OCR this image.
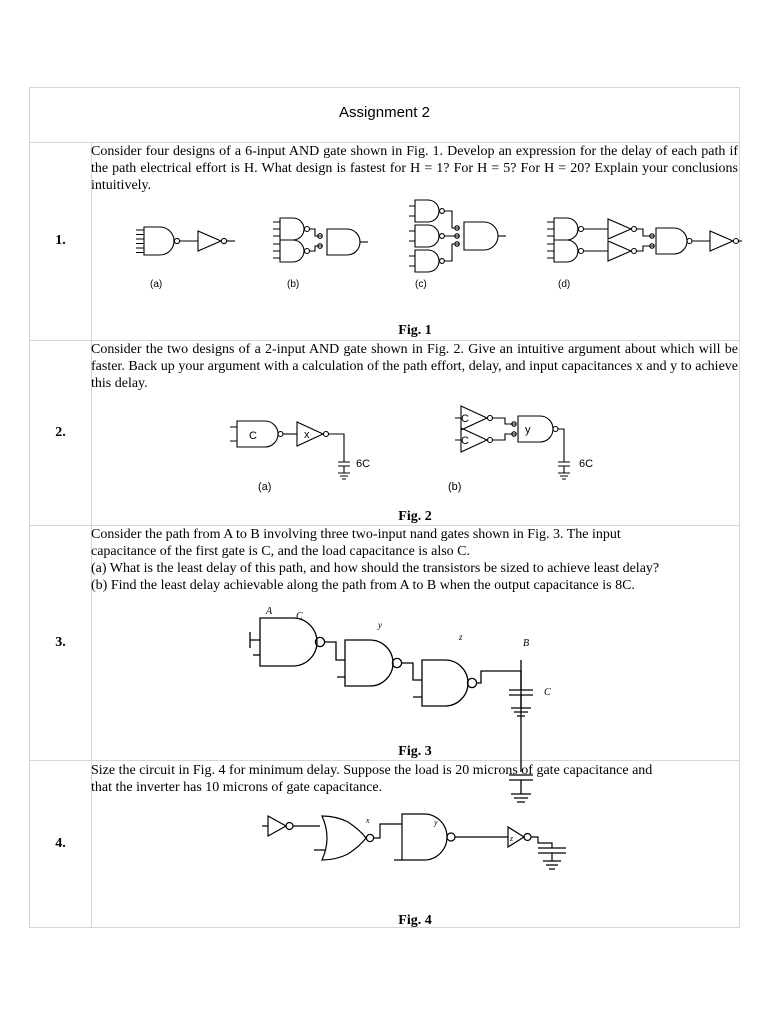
Assignment 2
1.
Consider four designs of a 6-input AND gate shown in Fig. 1. Develop an expression for the delay of each path if the path electrical effort is H. What design is fastest for H = 1? For H = 5? For H = 20? Explain your conclusions intuitively.
(a)	(b)	(c)	(d)
Fig. 1
2.
Consider the two designs of a 2-input AND gate shown in Fig. 2. Give an intuitive argument about which will be faster. Back up your argument with a calculation of the path effort, delay, and input capacitances x and y to achieve this delay.
C	x
6C
(a)
C
C
y
6C
(b)
Fig. 2
3.
Consider the path from A to B involving three two-input nand gates shown in Fig. 3. The input
capacitance of the first gate is C, and the load capacitance is also C.
(a) What is the least delay of this path, and how should the transistors be sized to achieve least delay?
(b) Find the least delay achievable along the path from A to B when the output capacitance is 8C.
A C
y
z
B
C
Fig. 3
4.
Size the circuit in Fig. 4 for minimum delay. Suppose the load is 20 microns of gate capacitance and
that the inverter has 10 microns of gate capacitance.
x	y
z
Fig. 4
